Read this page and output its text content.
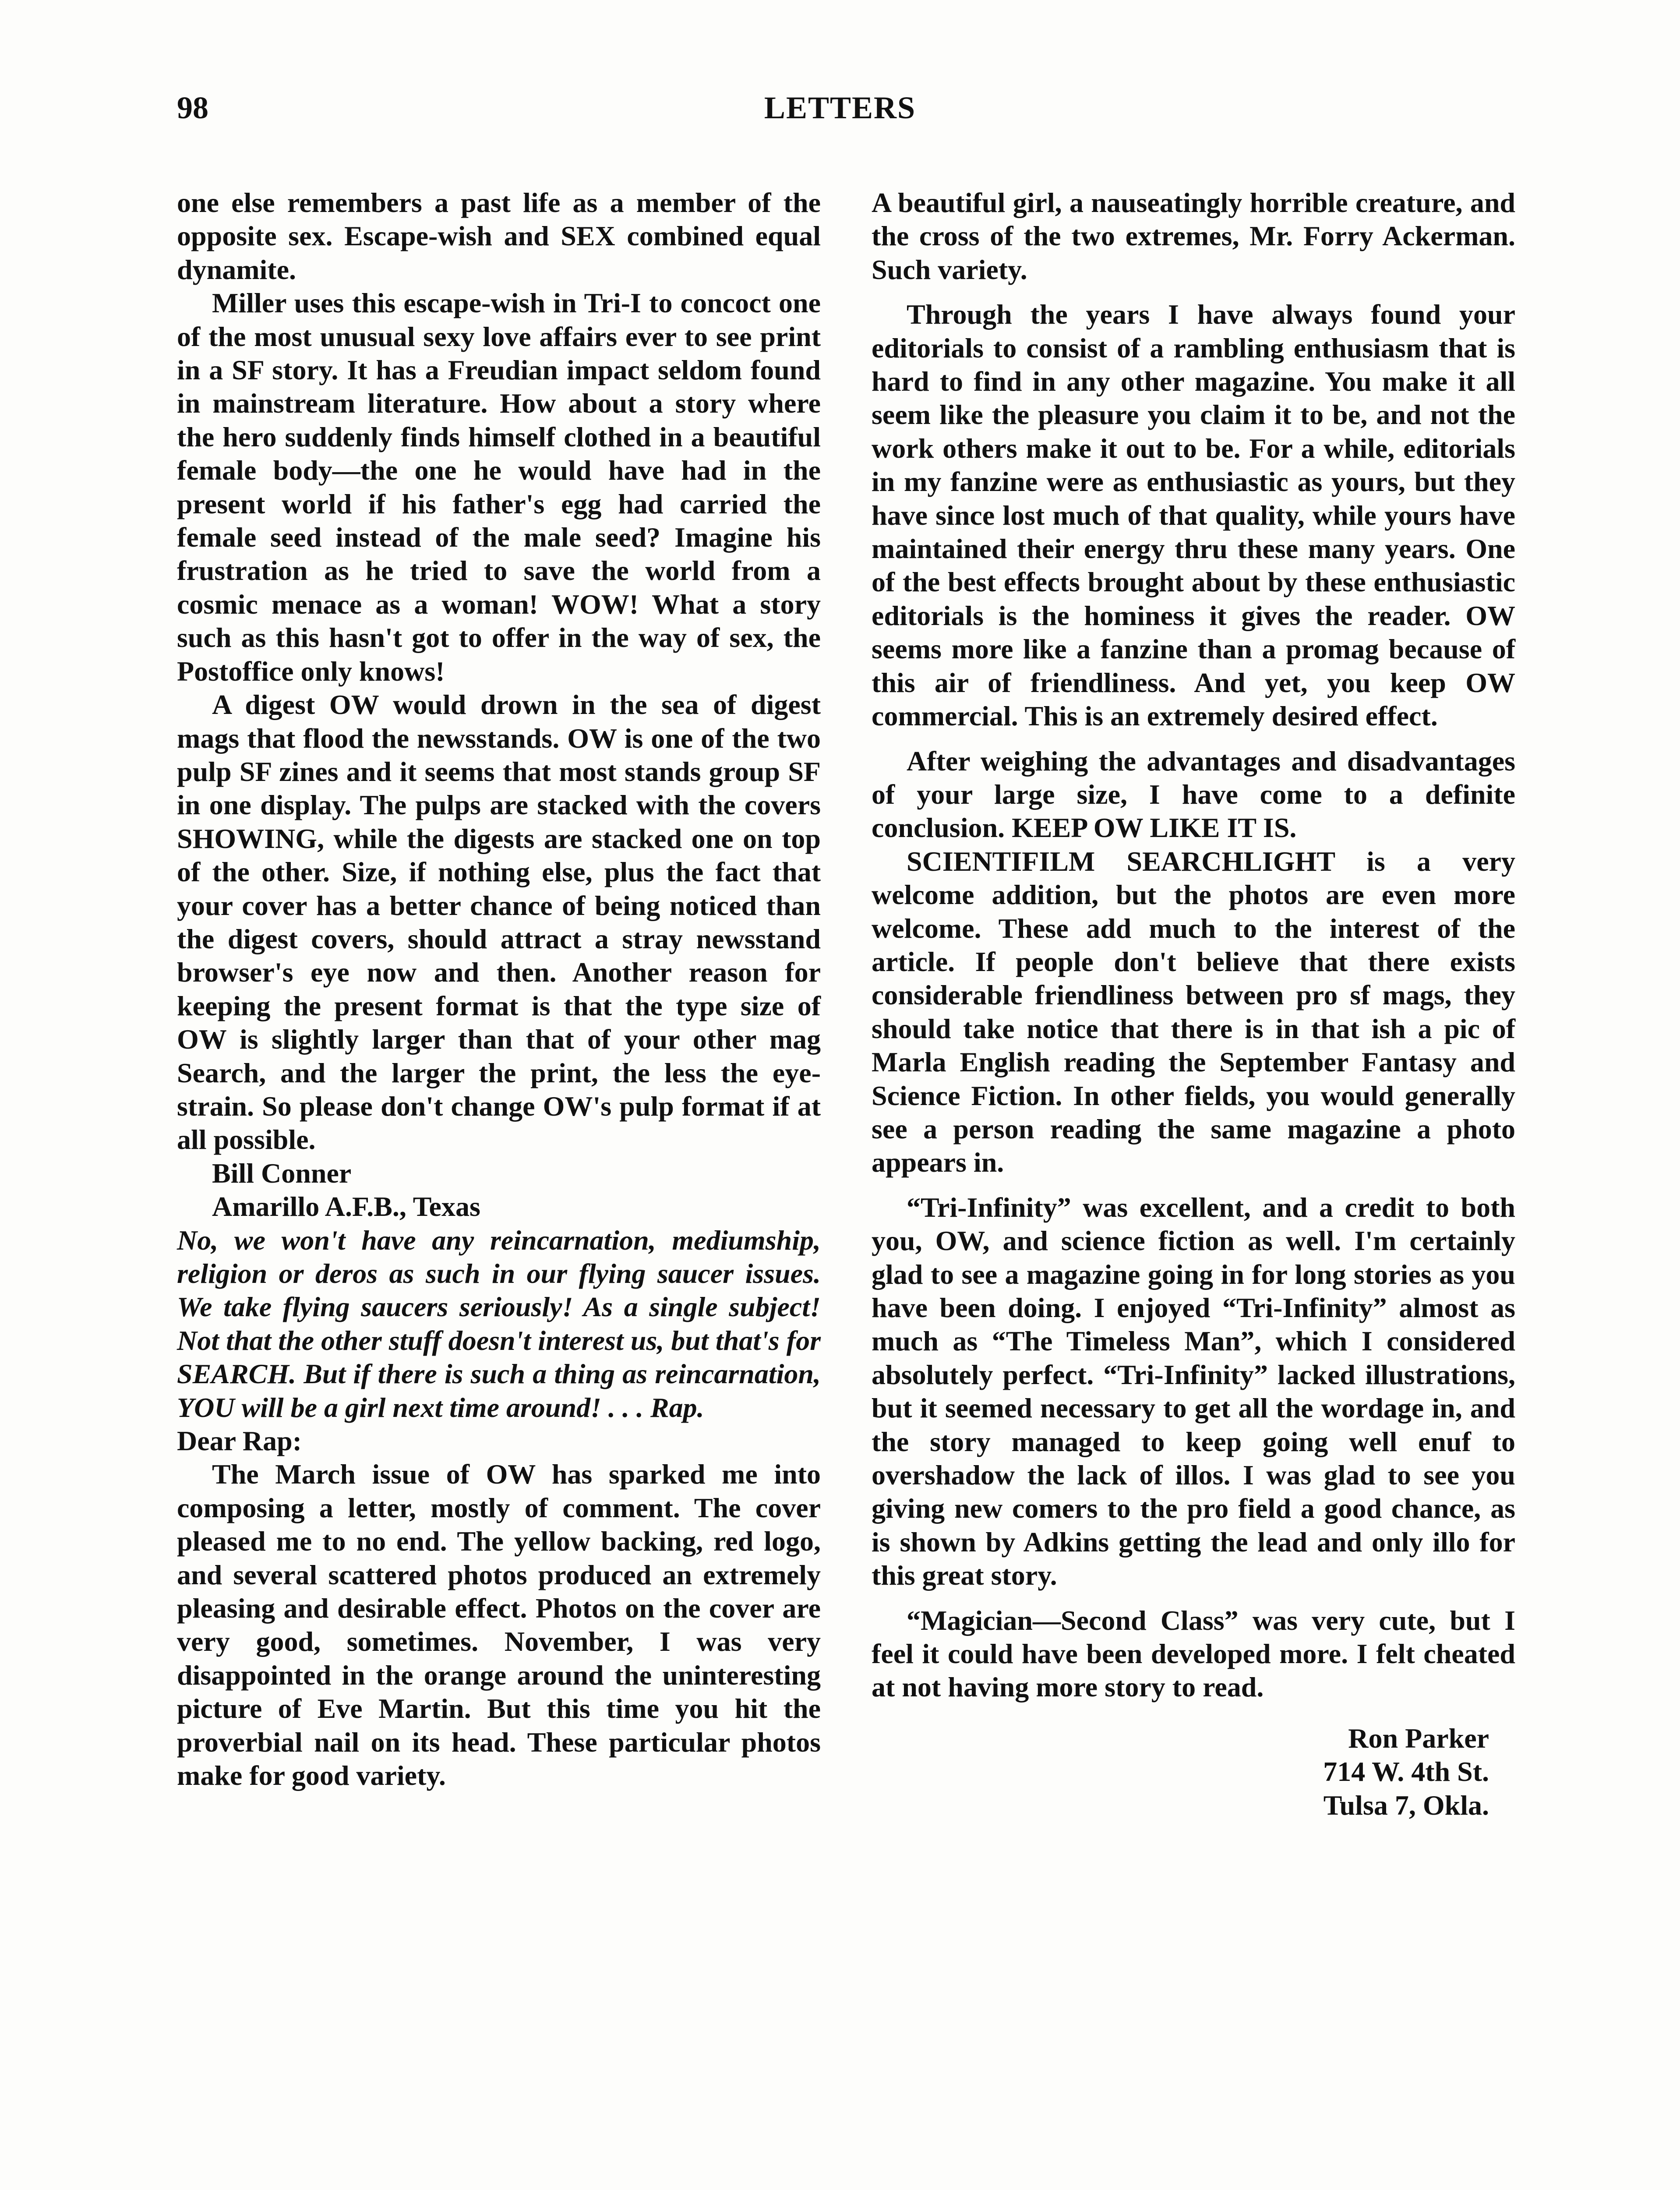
98	LETTERS

one else remembers a past life as a member of the opposite sex. Escape-wish and SEX combined equal dynamite.

Miller uses this escape-wish in Tri-I to concoct one of the most unusual sexy love affairs ever to see print in a SF story. It has a Freudian impact seldom found in mainstream literature. How about a story where the hero suddenly finds himself clothed in a beautiful female body—the one he would have had in the present world if his father's egg had carried the female seed instead of the male seed? Imagine his frustration as he tried to save the world from a cosmic menace as a woman! WOW! What a story such as this hasn't got to offer in the way of sex, the Postoffice only knows!

A digest OW would drown in the sea of digest mags that flood the newsstands. OW is one of the two pulp SF zines and it seems that most stands group SF in one display. The pulps are stacked with the covers SHOWING, while the digests are stacked one on top of the other. Size, if nothing else, plus the fact that your cover has a better chance of being noticed than the digest covers, should attract a stray newsstand browser's eye now and then. Another reason for keeping the present format is that the type size of OW is slightly larger than that of your other mag Search, and the larger the print, the less the eye-strain. So please don't change OW's pulp format if at all possible.

Bill Conner

Amarillo A.F.B., Texas

No, we won't have any reincarnation, mediumship, religion or deros as such in our flying saucer issues. We take flying saucers seriously! As a single subject! Not that the other stuff doesn't interest us, but that's for SEARCH. But if there is such a thing as reincarnation, YOU will be a girl next time around! . . . Rap.

Dear Rap:

The March issue of OW has sparked me into composing a letter, mostly of comment. The cover pleased me to no end. The yellow backing, red logo, and several scattered photos produced an extremely pleasing and desirable effect. Photos on the cover are very good, sometimes. November, I was very disappointed in the orange around the uninteresting picture of Eve Martin. But this time you hit the proverbial nail on its head. These particular photos make for good variety.

A beautiful girl, a nauseatingly horrible creature, and the cross of the two extremes, Mr. Forry Ackerman. Such variety.

Through the years I have always found your editorials to consist of a rambling enthusiasm that is hard to find in any other magazine. You make it all seem like the pleasure you claim it to be, and not the work others make it out to be. For a while, editorials in my fanzine were as enthusiastic as yours, but they have since lost much of that quality, while yours have maintained their energy thru these many years. One of the best effects brought about by these enthusiastic editorials is the hominess it gives the reader. OW seems more like a fanzine than a promag because of this air of friendliness. And yet, you keep OW commercial. This is an extremely desired effect.

After weighing the advantages and disadvantages of your large size, I have come to a definite conclusion. KEEP OW LIKE IT IS.

SCIENTIFILM SEARCHLIGHT is a very welcome addition, but the photos are even more welcome. These add much to the interest of the article. If people don't believe that there exists considerable friendliness between pro sf mags, they should take notice that there is in that ish a pic of Marla English reading the September Fantasy and Science Fiction. In other fields, you would generally see a person reading the same magazine a photo appears in.

“Tri-Infinity” was excellent, and a credit to both you, OW, and science fiction as well. I'm certainly glad to see a magazine going in for long stories as you have been doing. I enjoyed “Tri-Infinity” almost as much as “The Timeless Man”, which I considered absolutely perfect. “Tri-Infinity” lacked illustrations, but it seemed necessary to get all the wordage in, and the story managed to keep going well enuf to overshadow the lack of illos. I was glad to see you giving new comers to the pro field a good chance, as is shown by Adkins getting the lead and only illo for this great story.

“Magician—Second Class” was very cute, but I feel it could have been developed more. I felt cheated at not having more story to read.

Ron Parker
714 W. 4th St.
Tulsa 7, Okla.
